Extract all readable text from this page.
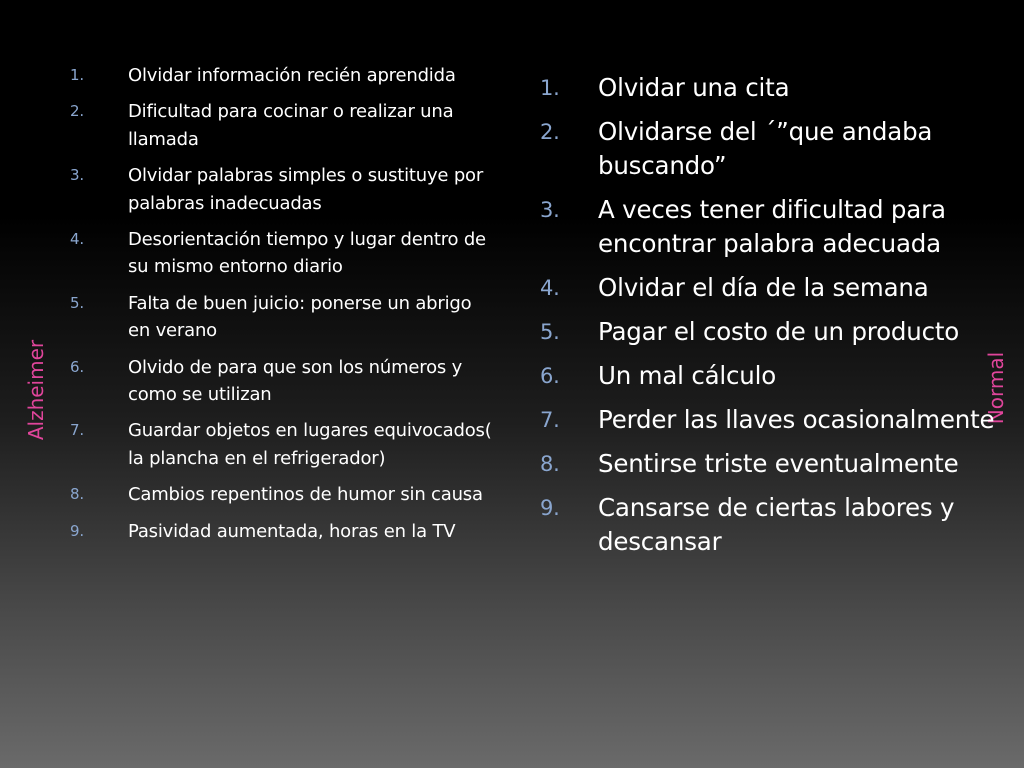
Alzheimer	Normal
1. Olvidar información recién aprendida
2. Dificultad para cocinar o realizar una llamada
3. Olvidar palabras simples o sustituye por palabras inadecuadas
4. Desorientación tiempo y lugar dentro de su mismo entorno diario
5. Falta de buen juicio: ponerse un abrigo en verano
6. Olvido de para que son los números y como se utilizan
7. Guardar objetos en lugares equivocados( la plancha en el refrigerador)
8. Cambios repentinos de humor sin causa
9. Pasividad aumentada, horas en la TV
1. Olvidar una cita
2. Olvidarse del ´”que andaba buscando”
3. A veces tener dificultad para encontrar palabra adecuada
4. Olvidar el día de la semana
5. Pagar el costo de un producto
6. Un mal cálculo
7. Perder las llaves ocasionalmente
8. Sentirse triste eventualmente
9. Cansarse de ciertas labores y descansar
